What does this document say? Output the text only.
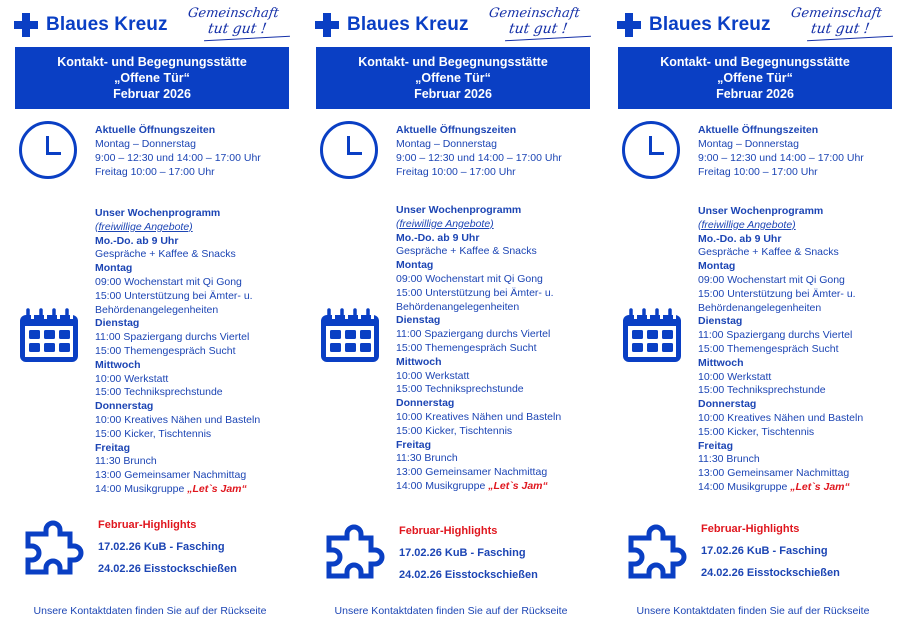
Blaues Kreuz
Gemeinschaft
tut gut !
Kontakt- und Begegnungsstätte
„Offene Tür“
Februar 2026
Aktuelle Öffnungszeiten
Montag – Donnerstag
9:00 – 12:30 und 14:00 – 17:00 Uhr
Freitag 10:00 – 17:00 Uhr
Unser Wochenprogramm
(freiwillige Angebote)
Mo.-Do. ab 9 Uhr
Gespräche + Kaffee & Snacks
Montag
09:00 Wochenstart mit Qi Gong
15:00 Unterstützung bei Ämter- u.
Behördenangelegenheiten
Dienstag
11:00 Spaziergang durchs Viertel
15:00 Themengespräch Sucht
Mittwoch
10:00 Werkstatt
15:00 Techniksprechstunde
Donnerstag
10:00 Kreatives Nähen und Basteln
15:00 Kicker, Tischtennis
Freitag
11:30 Brunch
13:00 Gemeinsamer Nachmittag
14:00 Musikgruppe „Let`s Jam“
Februar-Highlights
17.02.26 KuB - Fasching
24.02.26 Eisstockschießen
Unsere Kontaktdaten finden Sie auf der Rückseite
Blaues Kreuz
Gemeinschaft
tut gut !
Kontakt- und Begegnungsstätte
„Offene Tür“
Februar 2026
Aktuelle Öffnungszeiten
Montag – Donnerstag
9:00 – 12:30 und 14:00 – 17:00 Uhr
Freitag 10:00 – 17:00 Uhr
Unser Wochenprogramm
(freiwillige Angebote)
Mo.-Do. ab 9 Uhr
Gespräche + Kaffee & Snacks
Montag
09:00 Wochenstart mit Qi Gong
15:00 Unterstützung bei Ämter- u.
Behördenangelegenheiten
Dienstag
11:00 Spaziergang durchs Viertel
15:00 Themengespräch Sucht
Mittwoch
10:00 Werkstatt
15:00 Techniksprechstunde
Donnerstag
10:00 Kreatives Nähen und Basteln
15:00 Kicker, Tischtennis
Freitag
11:30 Brunch
13:00 Gemeinsamer Nachmittag
14:00 Musikgruppe „Let`s Jam“
Februar-Highlights
17.02.26 KuB - Fasching
24.02.26 Eisstockschießen
Unsere Kontaktdaten finden Sie auf der Rückseite
Blaues Kreuz
Gemeinschaft
tut gut !
Kontakt- und Begegnungsstätte
„Offene Tür“
Februar 2026
Aktuelle Öffnungszeiten
Montag – Donnerstag
9:00 – 12:30 und 14:00 – 17:00 Uhr
Freitag 10:00 – 17:00 Uhr
Unser Wochenprogramm
(freiwillige Angebote)
Mo.-Do. ab 9 Uhr
Gespräche + Kaffee & Snacks
Montag
09:00 Wochenstart mit Qi Gong
15:00 Unterstützung bei Ämter- u.
Behördenangelegenheiten
Dienstag
11:00 Spaziergang durchs Viertel
15:00 Themengespräch Sucht
Mittwoch
10:00 Werkstatt
15:00 Techniksprechstunde
Donnerstag
10:00 Kreatives Nähen und Basteln
15:00 Kicker, Tischtennis
Freitag
11:30 Brunch
13:00 Gemeinsamer Nachmittag
14:00 Musikgruppe „Let`s Jam“
Februar-Highlights
17.02.26 KuB - Fasching
24.02.26 Eisstockschießen
Unsere Kontaktdaten finden Sie auf der Rückseite
